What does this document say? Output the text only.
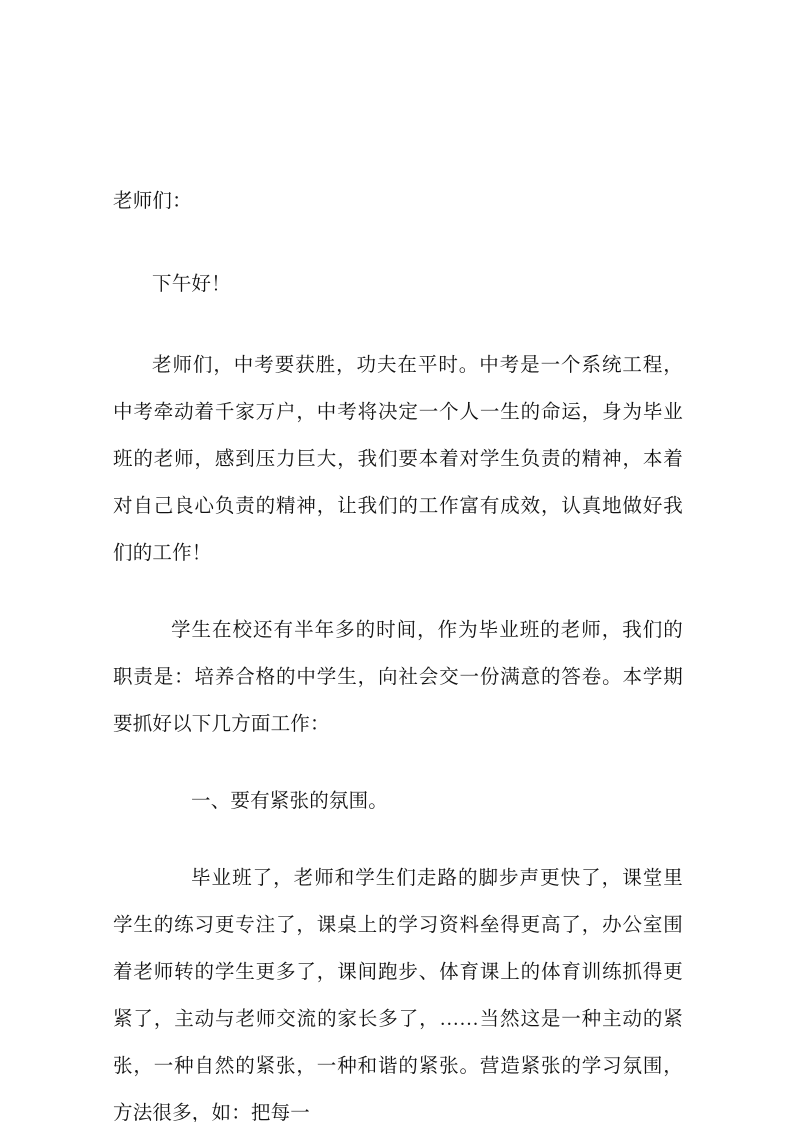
老师们：

下午好！

老师们，中考要获胜，功夫在平时。中考是一个系统工程，中考牵动着千家万户，中考将决定一个人一生的命运，身为毕业班的老师，感到压力巨大，我们要本着对学生负责的精神，本着对自己良心负责的精神，让我们的工作富有成效，认真地做好我们的工作！

学生在校还有半年多的时间，作为毕业班的老师，我们的职责是：培养合格的中学生，向社会交一份满意的答卷。本学期要抓好以下几方面工作：

一、要有紧张的氛围。

毕业班了，老师和学生们走路的脚步声更快了，课堂里学生的练习更专注了，课桌上的学习资料垒得更高了，办公室围着老师转的学生更多了，课间跑步、体育课上的体育训练抓得更紧了，主动与老师交流的家长多了，……当然这是一种主动的紧张，一种自然的紧张，一种和谐的紧张。营造紧张的学习氛围，方法很多，如：把每一
